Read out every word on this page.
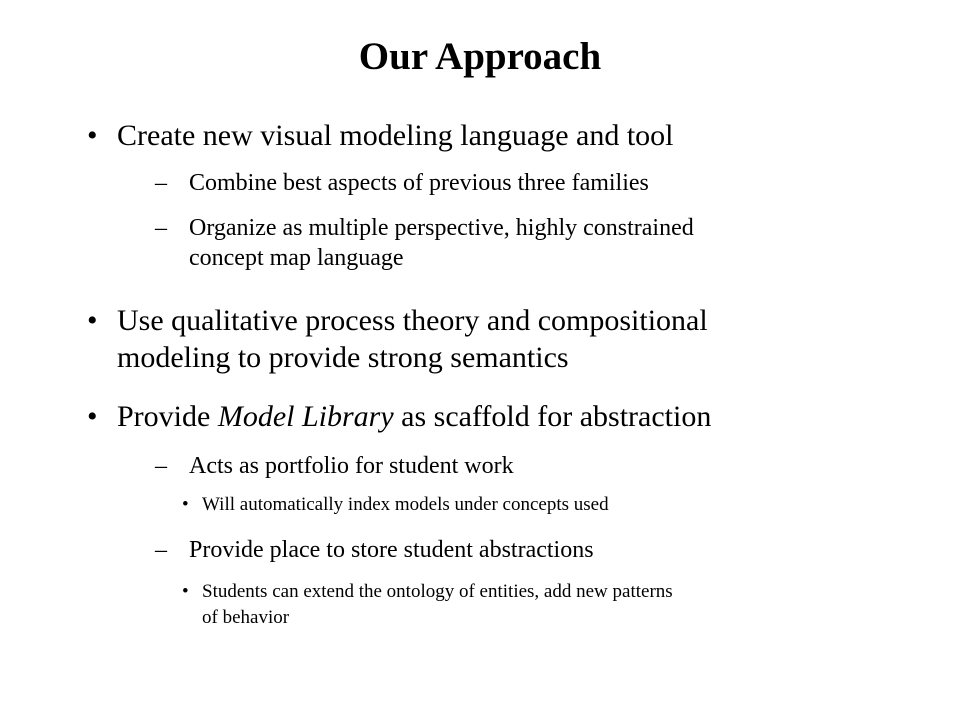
Our Approach
• Create new visual modeling language and tool
– Combine best aspects of previous three families
– Organize as multiple perspective, highly constrained
concept map language
• Use qualitative process theory and compositional
modeling to provide strong semantics
• Provide Model Library as scaffold for abstraction
– Acts as portfolio for student work
• Will automatically index models under concepts used
– Provide place to store student abstractions
• Students can extend the ontology of entities, add new patterns
of behavior
